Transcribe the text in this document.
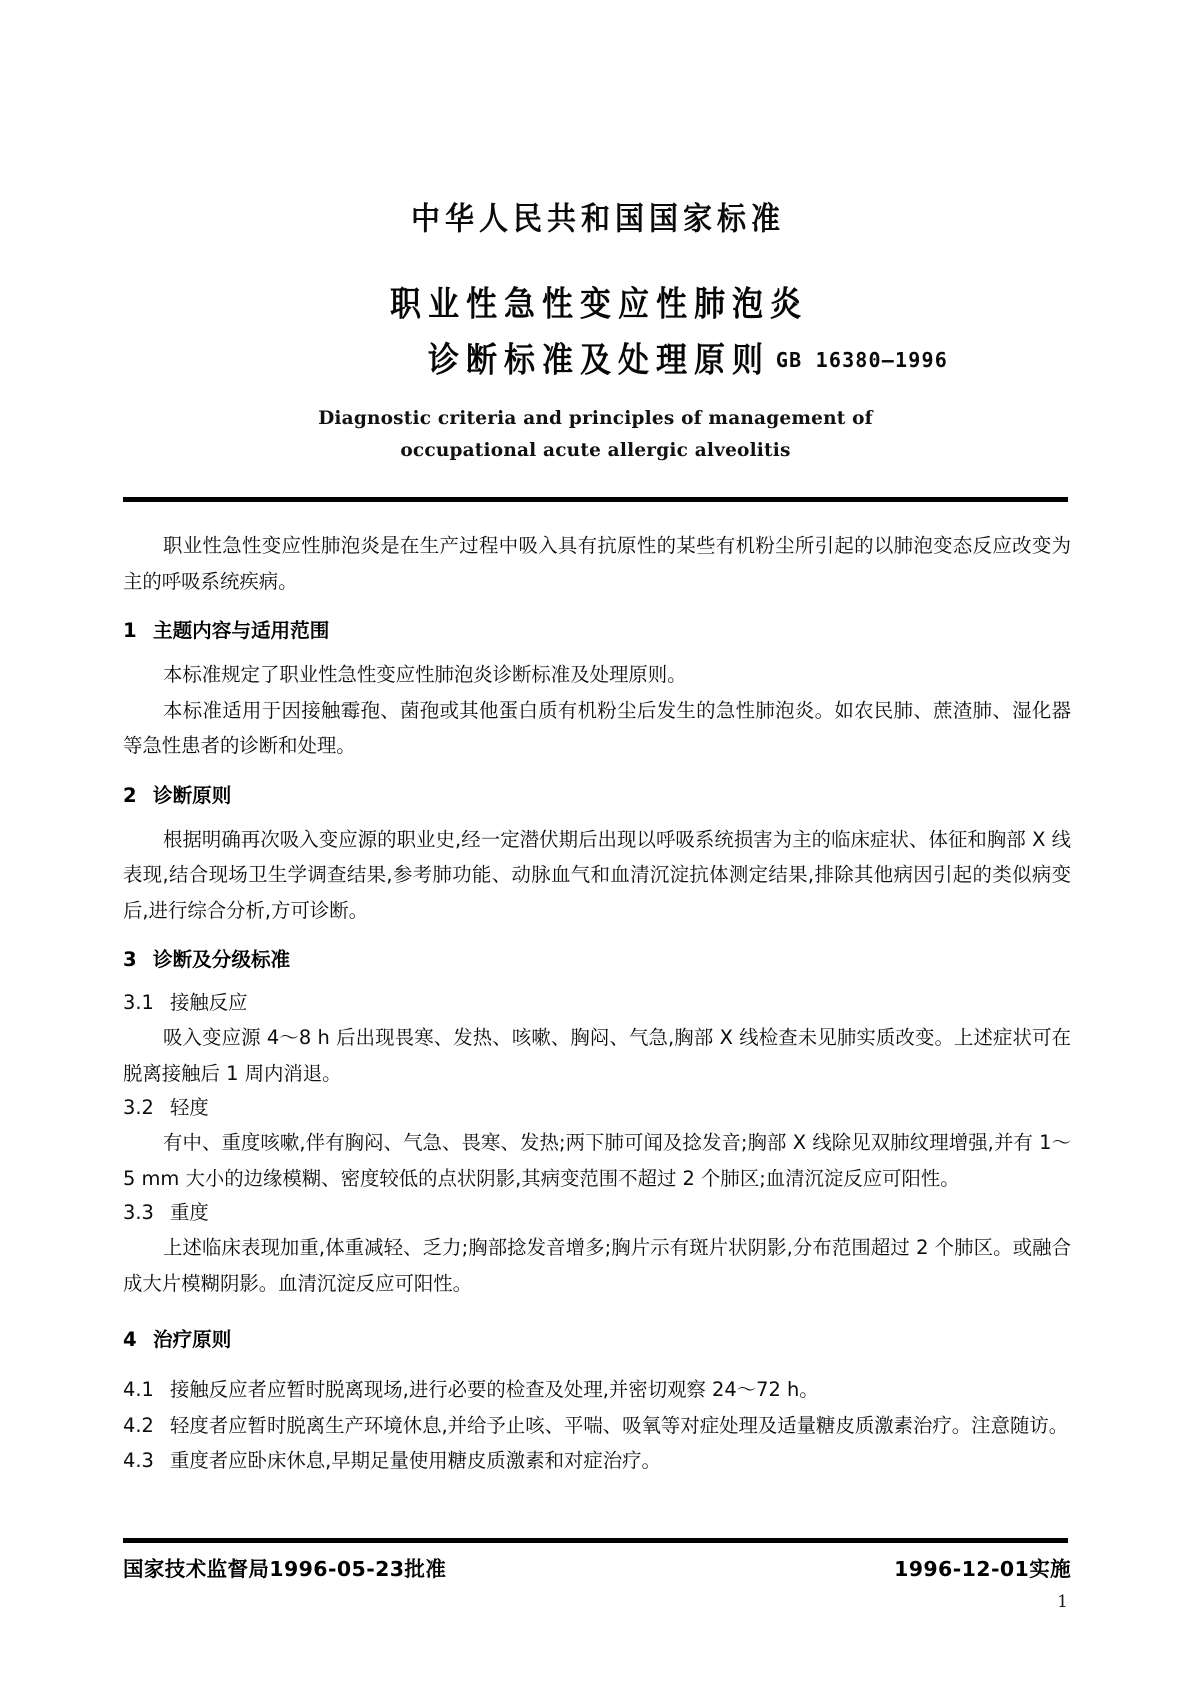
中华人民共和国国家标准
职业性急性变应性肺泡炎
诊断标准及处理原则 GB 16380—1996
Diagnostic criteria and principles of management of
occupational acute allergic alveolitis

职业性急性变应性肺泡炎是在生产过程中吸入具有抗原性的某些有机粉尘所引起的以肺泡变态反应改变为主的呼吸系统疾病。

1 主题内容与适用范围

本标准规定了职业性急性变应性肺泡炎诊断标准及处理原则。

本标准适用于因接触霉孢、菌孢或其他蛋白质有机粉尘后发生的急性肺泡炎。如农民肺、蔗渣肺、湿化器等急性患者的诊断和处理。

2 诊断原则

根据明确再次吸入变应源的职业史,经一定潜伏期后出现以呼吸系统损害为主的临床症状、体征和胸部 X 线表现,结合现场卫生学调查结果,参考肺功能、动脉血气和血清沉淀抗体测定结果,排除其他病因引起的类似病变后,进行综合分析,方可诊断。

3 诊断及分级标准
3.1 接触反应

吸入变应源 4～8 h 后出现畏寒、发热、咳嗽、胸闷、气急,胸部 X 线检查未见肺实质改变。上述症状可在脱离接触后 1 周内消退。

3.2 轻度

有中、重度咳嗽,伴有胸闷、气急、畏寒、发热;两下肺可闻及捻发音;胸部 X 线除见双肺纹理增强,并有 1～5 mm 大小的边缘模糊、密度较低的点状阴影,其病变范围不超过 2 个肺区;血清沉淀反应可阳性。

3.3 重度

上述临床表现加重,体重减轻、乏力;胸部捻发音增多;胸片示有斑片状阴影,分布范围超过 2 个肺区。或融合成大片模糊阴影。血清沉淀反应可阳性。

4 治疗原则

4.1 接触反应者应暂时脱离现场,进行必要的检查及处理,并密切观察 24～72 h。

4.2 轻度者应暂时脱离生产环境休息,并给予止咳、平喘、吸氧等对症处理及适量糖皮质激素治疗。注意随访。

4.3 重度者应卧床休息,早期足量使用糖皮质激素和对症治疗。

国家技术监督局1996-05-23批准	1996-12-01实施
1
